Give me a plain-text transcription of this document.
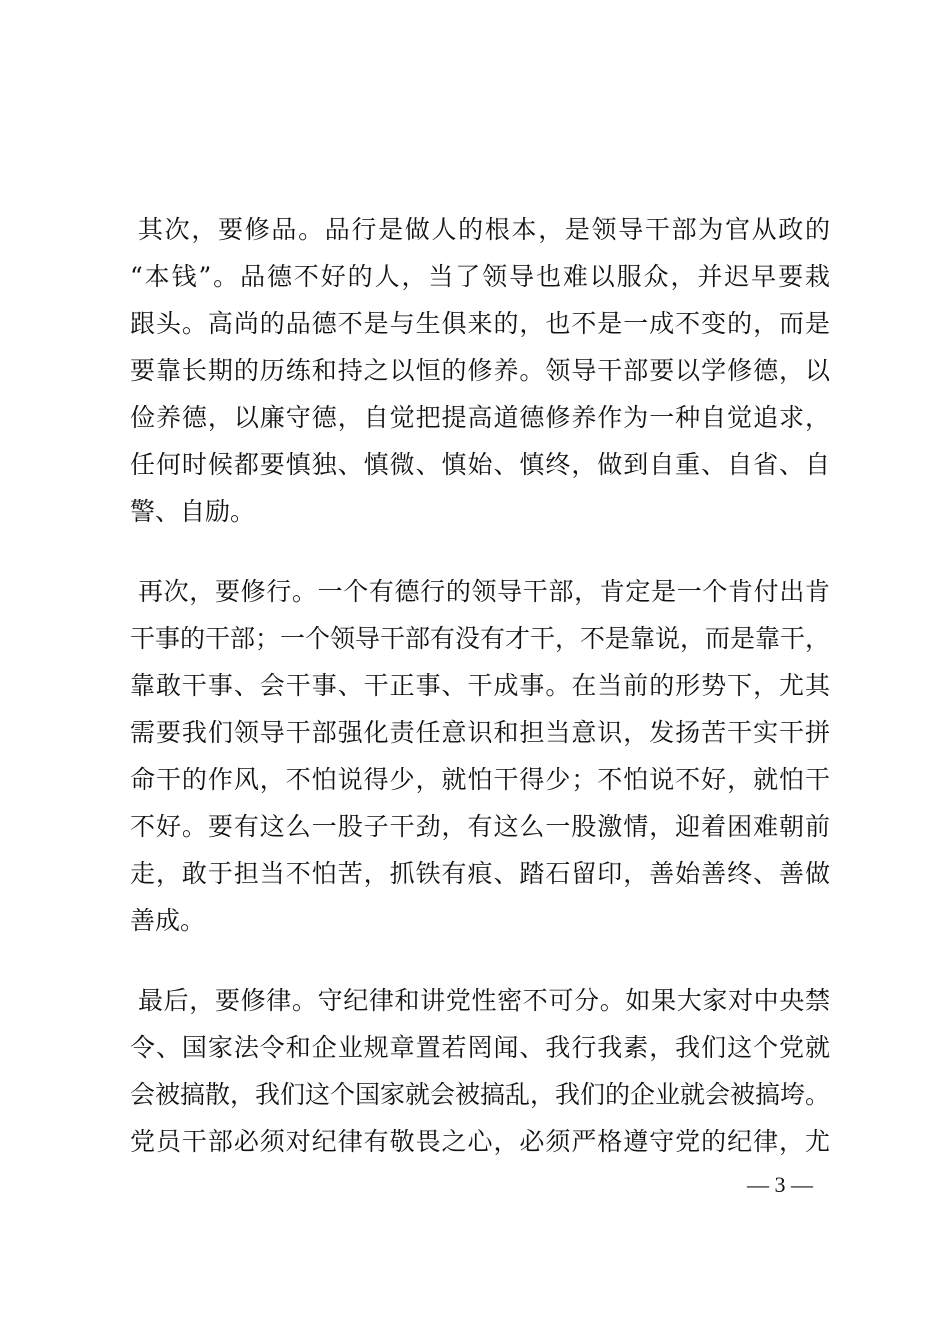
其次，要修品。品行是做人的根本，是领导干部为官从政的
“本钱”。品德不好的人，当了领导也难以服众，并迟早要栽
跟头。高尚的品德不是与生俱来的，也不是一成不变的，而是
要靠长期的历练和持之以恒的修养。领导干部要以学修德，以
俭养德，以廉守德，自觉把提高道德修养作为一种自觉追求，
任何时候都要慎独、慎微、慎始、慎终，做到自重、自省、自
警、自励。

再次，要修行。一个有德行的领导干部，肯定是一个肯付出肯
干事的干部；一个领导干部有没有才干，不是靠说，而是靠干，
靠敢干事、会干事、干正事、干成事。在当前的形势下，尤其
需要我们领导干部强化责任意识和担当意识，发扬苦干实干拼
命干的作风，不怕说得少，就怕干得少；不怕说不好，就怕干
不好。要有这么一股子干劲，有这么一股激情，迎着困难朝前
走，敢于担当不怕苦，抓铁有痕、踏石留印，善始善终、善做
善成。

最后，要修律。守纪律和讲党性密不可分。如果大家对中央禁
令、国家法令和企业规章置若罔闻、我行我素，我们这个党就
会被搞散，我们这个国家就会被搞乱，我们的企业就会被搞垮。
党员干部必须对纪律有敬畏之心，必须严格遵守党的纪律，尤

— 3 —
